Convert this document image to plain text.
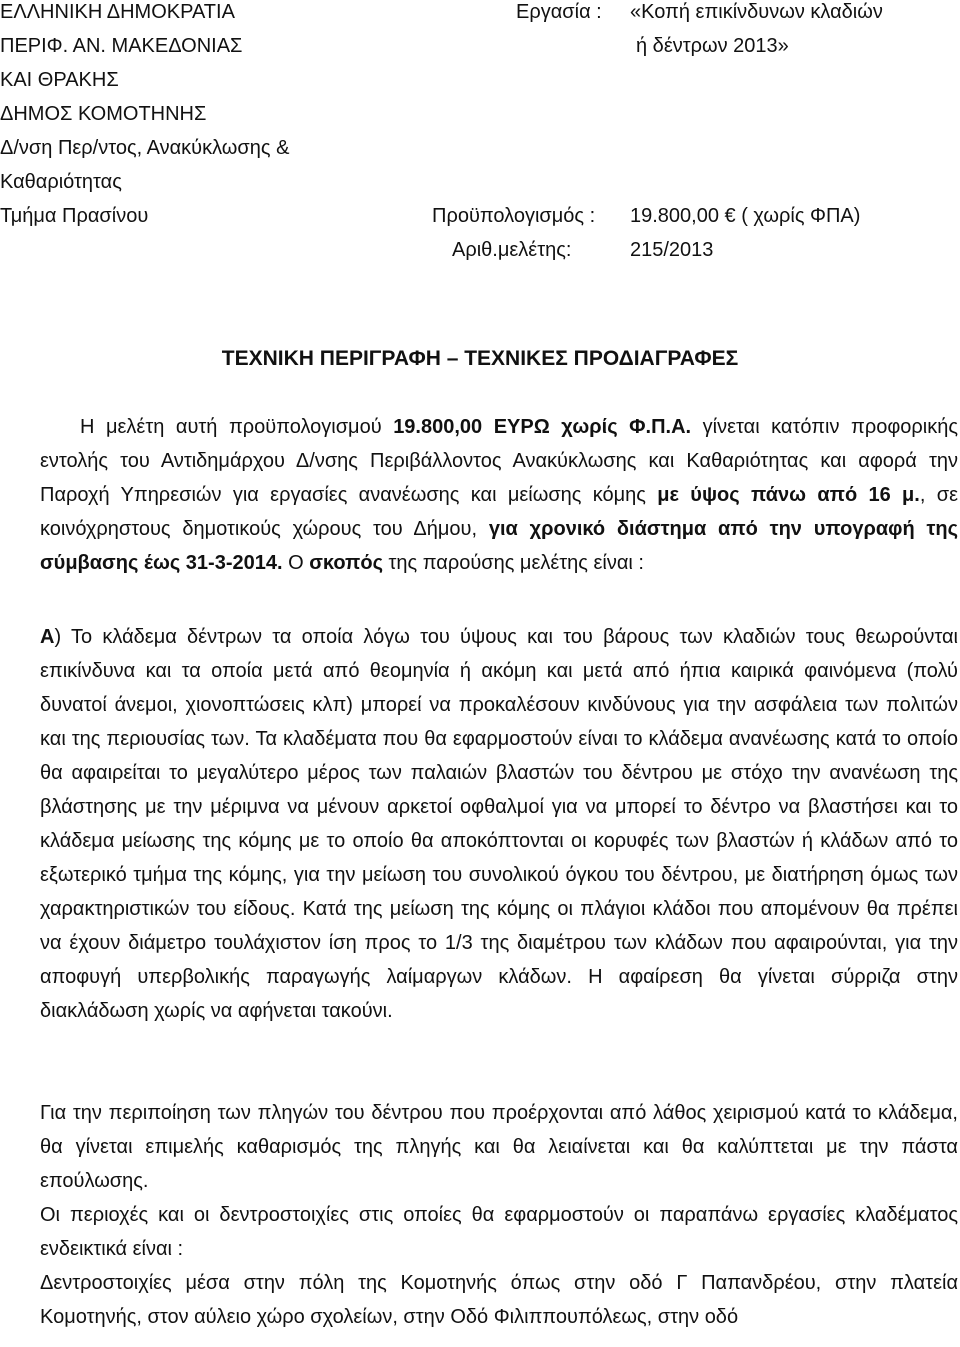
ΕΛΛΗΝΙΚΗ ΔΗΜΟΚΡΑΤΙΑ
ΠΕΡΙΦ. ΑΝ. ΜΑΚΕΔΟΝΙΑΣ
ΚΑΙ ΘΡΑΚΗΣ
ΔΗΜΟΣ ΚΟΜΟΤΗΝΗΣ
Δ/νση Περ/ντος, Ανακύκλωσης &
Καθαριότητας
Τμήμα Πρασίνου
Εργασία : «Κοπή επικίνδυνων κλαδιών
ή δέντρων 2013»
Προϋπολογισμός : 19.800,00 € ( χωρίς ΦΠΑ)
Αριθ.μελέτης:	215/2013
ΤΕΧΝΙΚΗ ΠΕΡΙΓΡΑΦΗ – ΤΕΧΝΙΚΕΣ ΠΡΟΔΙΑΓΡΑΦΕΣ
Η μελέτη αυτή προϋπολογισμού 19.800,00 ΕΥΡΩ χωρίς Φ.Π.Α. γίνεται κατόπιν προφορικής εντολής του Αντιδημάρχου Δ/νσης Περιβάλλοντος Ανακύκλωσης και Καθαριότητας και αφορά την Παροχή Υπηρεσιών για εργασίες ανανέωσης και μείωσης κόμης με ύψος πάνω από 16 μ., σε κοινόχρηστους δημοτικούς χώρους του Δήμου, για χρονικό διάστημα από την υπογραφή της σύμβασης έως 31-3-2014. Ο σκοπός της παρούσης μελέτης είναι :
Α) Το κλάδεμα δέντρων τα οποία λόγω του ύψους και του βάρους των κλαδιών τους θεωρούνται επικίνδυνα και τα οποία μετά από θεομηνία ή ακόμη και μετά από ήπια καιρικά φαινόμενα (πολύ δυνατοί άνεμοι, χιονοπτώσεις κλπ) μπορεί να προκαλέσουν κινδύνους για την ασφάλεια των πολιτών και της περιουσίας των. Τα κλαδέματα που θα εφαρμοστούν είναι το κλάδεμα ανανέωσης κατά το οποίο θα αφαιρείται το μεγαλύτερο μέρος των παλαιών βλαστών του δέντρου με στόχο την ανανέωση της βλάστησης με την μέριμνα να μένουν αρκετοί οφθαλμοί για να μπορεί το δέντρο να βλαστήσει και το κλάδεμα μείωσης της κόμης με το οποίο θα αποκόπτονται οι κορυφές των βλαστών ή κλάδων από το εξωτερικό τμήμα της κόμης, για την μείωση του συνολικού όγκου του δέντρου, με διατήρηση όμως των χαρακτηριστικών του είδους. Κατά της μείωση της κόμης οι πλάγιοι κλάδοι που απομένουν θα πρέπει να έχουν διάμετρο τουλάχιστον ίση προς το 1/3 της διαμέτρου των κλάδων που αφαιρούνται, για την αποφυγή υπερβολικής παραγωγής λαίμαργων κλάδων. Η αφαίρεση θα γίνεται σύρριζα στην διακλάδωση χωρίς να αφήνεται τακούνι.
Για την περιποίηση των πληγών του δέντρου που προέρχονται από λάθος χειρισμού κατά το κλάδεμα, θα γίνεται επιμελής καθαρισμός της πληγής και θα λειαίνεται και θα καλύπτεται με την πάστα επούλωσης.
Οι περιοχές και οι δεντροστοιχίες στις οποίες θα εφαρμοστούν οι παραπάνω εργασίες κλαδέματος ενδεικτικά είναι :
Δεντροστοιχίες μέσα στην πόλη της Κομοτηνής όπως στην οδό Γ Παπανδρέου, στην πλατεία Κομοτηνής, στον αύλειο χώρο σχολείων, στην Οδό Φιλιππουπόλεως, στην οδό
